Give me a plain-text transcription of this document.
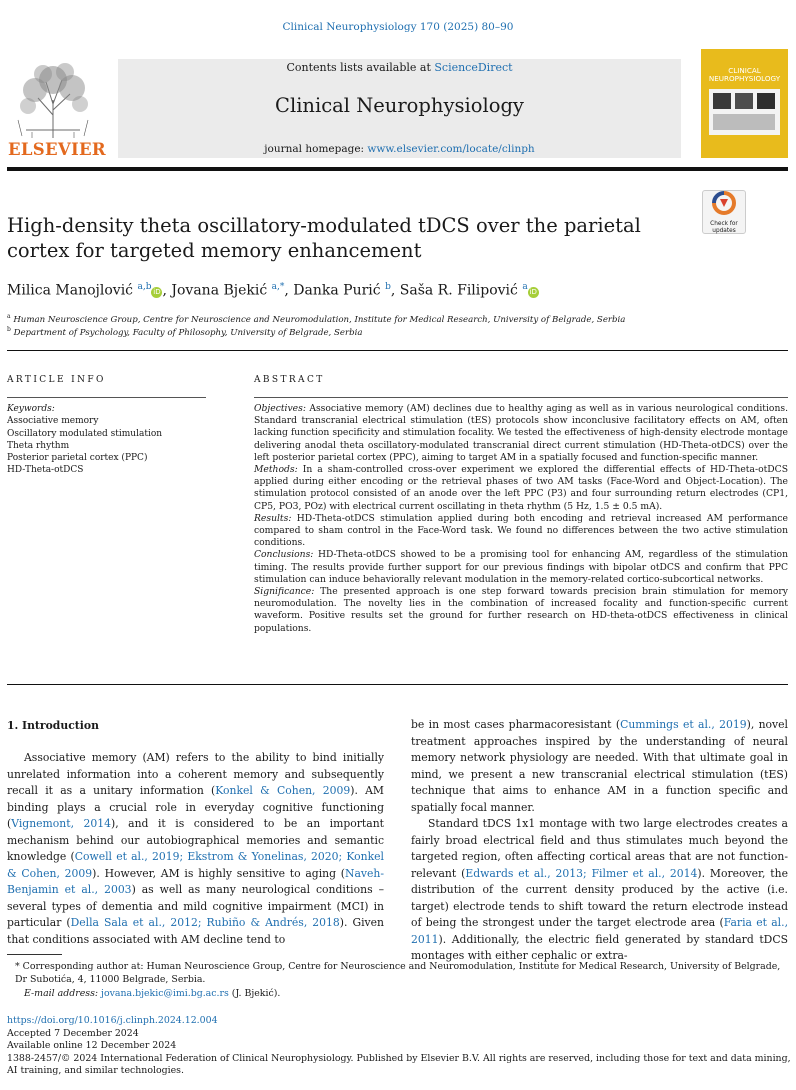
Clinical Neurophysiology 170 (2025) 80–90
ELSEVIER
Contents lists available at ScienceDirect
Clinical Neurophysiology
journal homepage: www.elsevier.com/locate/clinph
CLINICAL NEUROPHYSIOLOGY
Check for updates
High-density theta oscillatory-modulated tDCS over the parietal cortex for targeted memory enhancement
Milica Manojlović $^{a,b}$ iD , Jovana Bjekić $^{a,*}$, Danka Purić $^b$, Saša R. Filipović $^a$ iD
$^a$ Human Neuroscience Group, Centre for Neuroscience and Neuromodulation, Institute for Medical Research, University of Belgrade, Serbia
$^b$ Department of Psychology, Faculty of Philosophy, University of Belgrade, Serbia
ARTICLE INFO
Keywords:
Associative memory
Oscillatory modulated stimulation
Theta rhythm
Posterior parietal cortex (PPC)
HD-Theta-otDCS
ABSTRACT

Objectives: Associative memory (AM) declines due to healthy aging as well as in various neurological conditions. Standard transcranial electrical stimulation (tES) protocols show inconclusive facilitatory effects on AM, often lacking function specificity and stimulation focality. We tested the effectiveness of high-density electrode montage delivering anodal theta oscillatory-modulated transcranial direct current stimulation (HD-Theta-otDCS) over the left posterior parietal cortex (PPC), aiming to target AM in a spatially focused and function-specific manner.

Methods: In a sham-controlled cross-over experiment we explored the differential effects of HD-Theta-otDCS applied during either encoding or the retrieval phases of two AM tasks (Face-Word and Object-Location). The stimulation protocol consisted of an anode over the left PPC (P3) and four surrounding return electrodes (CP1, CP5, PO3, POz) with electrical current oscillating in theta rhythm (5 Hz, 1.5 ± 0.5 mA).

Results: HD-Theta-otDCS stimulation applied during both encoding and retrieval increased AM performance compared to sham control in the Face-Word task. We found no differences between the two active stimulation conditions.

Conclusions: HD-Theta-otDCS showed to be a promising tool for enhancing AM, regardless of the stimulation timing. The results provide further support for our previous findings with bipolar otDCS and confirm that PPC stimulation can induce behaviorally relevant modulation in the memory-related cortico-subcortical networks.

Significance: The presented approach is one step forward towards precision brain stimulation for memory neuromodulation. The novelty lies in the combination of increased focality and function-specific current waveform. Positive results set the ground for further research on HD-theta-otDCS effectiveness in clinical populations.

1. Introduction

Associative memory (AM) refers to the ability to bind initially unrelated information into a coherent memory and subsequently recall it as a unitary information (Konkel & Cohen, 2009). AM binding plays a crucial role in everyday cognitive functioning (Vignemont, 2014), and it is considered to be an important mechanism behind our autobiographical memories and semantic knowledge (Cowell et al., 2019; Ekstrom & Yonelinas, 2020; Konkel & Cohen, 2009). However, AM is highly sensitive to aging (Naveh-Benjamin et al., 2003) as well as many neurological conditions – several types of dementia and mild cognitive impairment (MCI) in particular (Della Sala et al., 2012; Rubiño & Andrés, 2018). Given that conditions associated with AM decline tend to

be in most cases pharmacoresistant (Cummings et al., 2019), novel treatment approaches inspired by the understanding of neural memory network physiology are needed. With that ultimate goal in mind, we present a new transcranial electrical stimulation (tES) technique that aims to enhance AM in a function specific and spatially focal manner.

Standard tDCS 1x1 montage with two large electrodes creates a fairly broad electrical field and thus stimulates much beyond the targeted region, often affecting cortical areas that are not function-relevant (Edwards et al., 2013; Filmer et al., 2014). Moreover, the distribution of the current density produced by the active (i.e. target) electrode tends to shift toward the return electrode instead of being the strongest under the target electrode area (Faria et al., 2011). Additionally, the electric field generated by standard tDCS montages with either cephalic or extra-

* Corresponding author at: Human Neuroscience Group, Centre for Neuroscience and Neuromodulation, Institute for Medical Research, University of Belgrade, Dr Subotića, 4, 11000 Belgrade, Serbia.
E-mail address: jovana.bjekic@imi.bg.ac.rs (J. Bjekić).
https://doi.org/10.1016/j.clinph.2024.12.004
Accepted 7 December 2024
Available online 12 December 2024
1388-2457/© 2024 International Federation of Clinical Neurophysiology. Published by Elsevier B.V. All rights are reserved, including those for text and data mining, AI training, and similar technologies.
